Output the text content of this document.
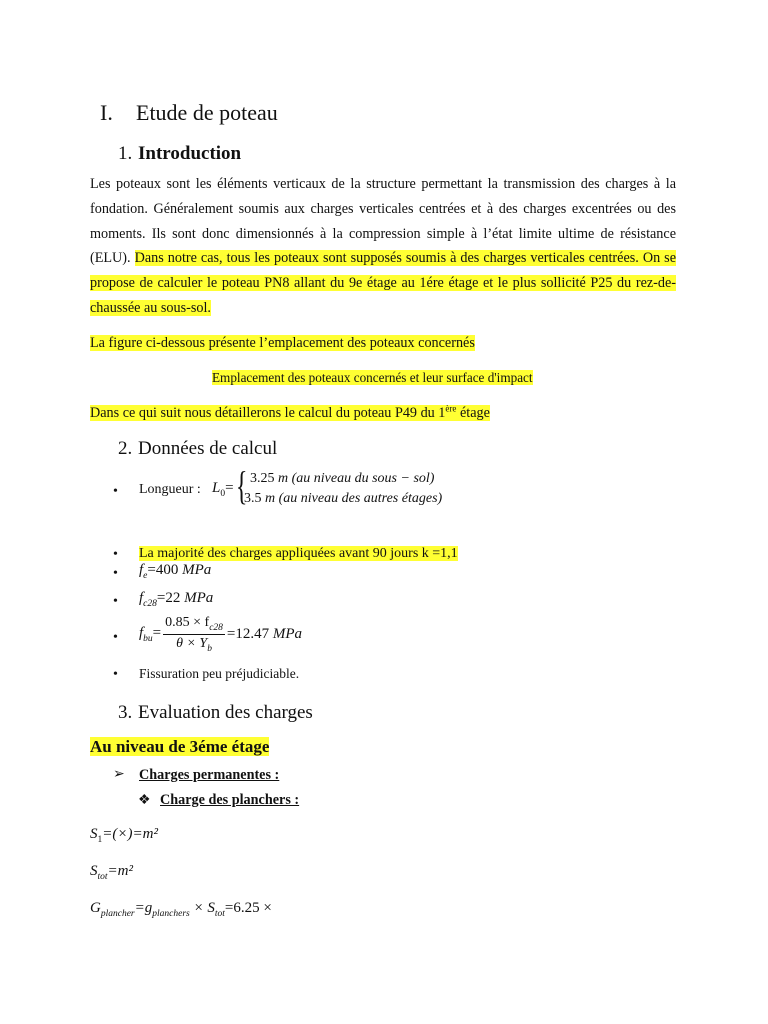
I. Etude de poteau
1. Introduction
Les poteaux sont les éléments verticaux de la structure permettant la transmission des charges à la fondation. Généralement soumis aux charges verticales centrées et à des charges excentrées ou des moments. Ils sont donc dimensionnés à la compression simple à l’état limite ultime de résistance (ELU). Dans notre cas, tous les poteaux sont supposés soumis à des charges verticales centrées. On se propose de calculer le poteau PN8 allant du 9e étage au 1ére étage et le plus sollicité P25 du rez-de-chaussée au sous-sol.
La figure ci-dessous présente l’emplacement des poteaux concernés
Emplacement des poteaux concernés et leur surface d'impact
Dans ce qui suit nous détaillerons le calcul du poteau P49 du 1ère étage
2. Données de calcul
• Longueur : $L_0=$ { 3.25 m (au niveau du sous − sol)
3.5 m (au niveau des autres étages)
• La majorité des charges appliquées avant 90 jours k =1,1
• $f_e=400$ MPa
• $f_{c28}=22$ MPa
• $f_{bu}= \frac{0.85 \times f_{c28}}{\theta \times Y_b} =12.47$ MPa
• Fissuration peu préjudiciable.
3. Evaluation des charges
Au niveau de 3éme étage
➢ Charges permanentes :
❖ Charge des planchers :
$S_1=(\times)=m^2$
$S_{tot}=m^2$
$G_{plancher}=g_{planchers} \times S_{tot}=6.25$ ×
